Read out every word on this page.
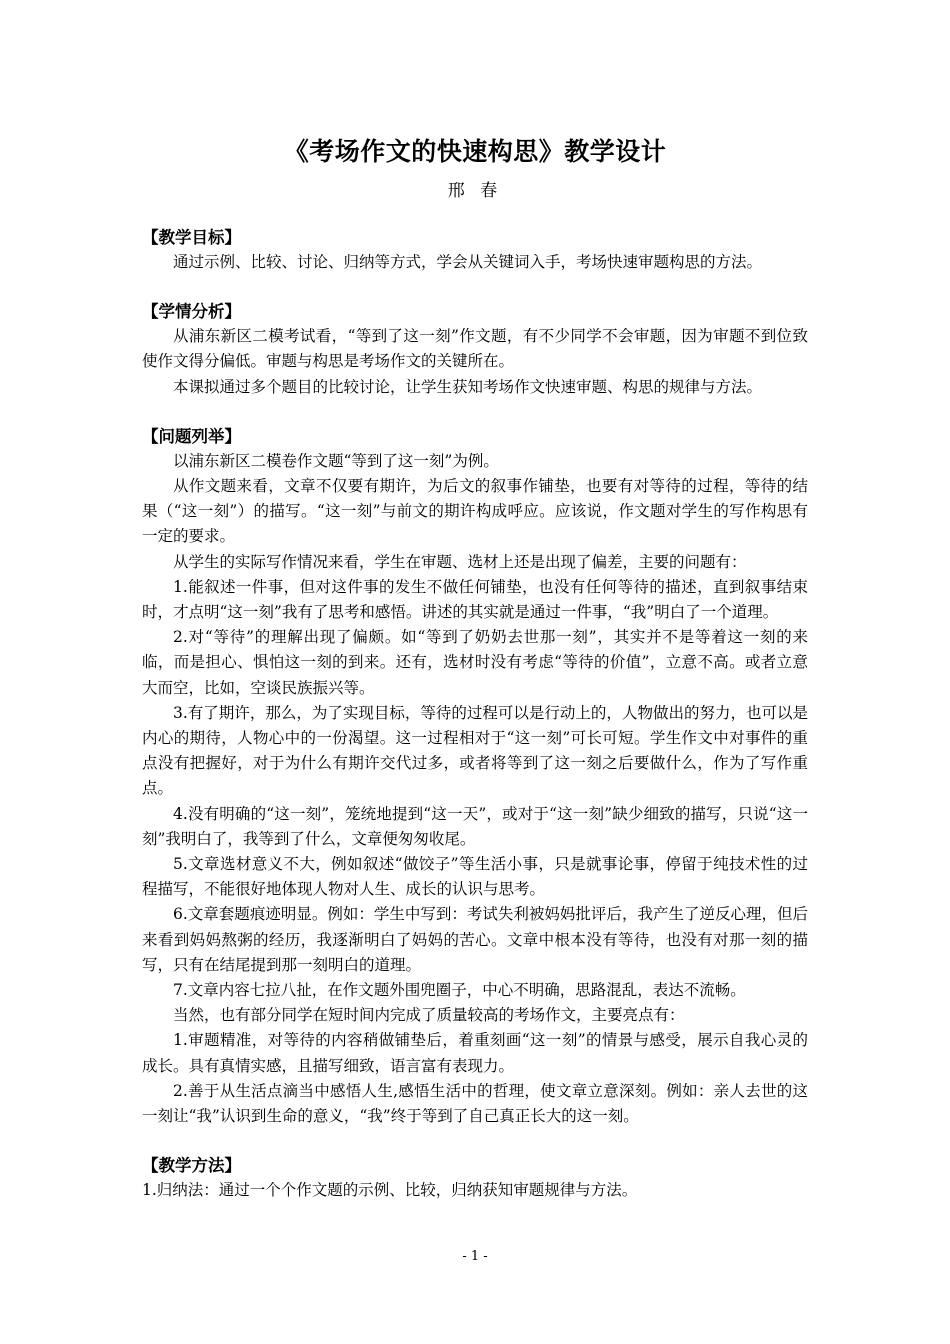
《考场作文的快速构思》教学设计
邢 春

【教学目标】

通过示例、比较、讨论、归纳等方式，学会从关键词入手，考场快速审题构思的方法。

【学情分析】

从浦东新区二模考试看，“等到了这一刻”作文题，有不少同学不会审题，因为审题不到位致使作文得分偏低。审题与构思是考场作文的关键所在。

本课拟通过多个题目的比较讨论，让学生获知考场作文快速审题、构思的规律与方法。

【问题列举】

以浦东新区二模卷作文题“等到了这一刻”为例。

从作文题来看，文章不仅要有期许，为后文的叙事作铺垫，也要有对等待的过程，等待的结果（“这一刻”）的描写。“这一刻”与前文的期许构成呼应。应该说，作文题对学生的写作构思有一定的要求。

从学生的实际写作情况来看，学生在审题、选材上还是出现了偏差，主要的问题有：

1.能叙述一件事，但对这件事的发生不做任何铺垫，也没有任何等待的描述，直到叙事结束时，才点明“这一刻”我有了思考和感悟。讲述的其实就是通过一件事，“我”明白了一个道理。

2.对“等待”的理解出现了偏颇。如“等到了奶奶去世那一刻”，其实并不是等着这一刻的来临，而是担心、惧怕这一刻的到来。还有，选材时没有考虑“等待的价值”，立意不高。或者立意大而空，比如，空谈民族振兴等。

3.有了期许，那么，为了实现目标，等待的过程可以是行动上的，人物做出的努力，也可以是内心的期待，人物心中的一份渴望。这一过程相对于“这一刻”可长可短。学生作文中对事件的重点没有把握好，对于为什么有期许交代过多，或者将等到了这一刻之后要做什么，作为了写作重点。

4.没有明确的“这一刻”，笼统地提到“这一天”，或对于“这一刻”缺少细致的描写，只说“这一刻”我明白了，我等到了什么，文章便匆匆收尾。

5.文章选材意义不大，例如叙述“做饺子”等生活小事，只是就事论事，停留于纯技术性的过程描写，不能很好地体现人物对人生、成长的认识与思考。

6.文章套题痕迹明显。例如：学生中写到：考试失利被妈妈批评后，我产生了逆反心理，但后来看到妈妈熬粥的经历，我逐渐明白了妈妈的苦心。文章中根本没有等待，也没有对那一刻的描写，只有在结尾提到那一刻明白的道理。

7.文章内容七拉八扯，在作文题外围兜圈子，中心不明确，思路混乱，表达不流畅。

当然，也有部分同学在短时间内完成了质量较高的考场作文，主要亮点有：

1.审题精准，对等待的内容稍做铺垫后，着重刻画“这一刻”的情景与感受，展示自我心灵的成长。具有真情实感，且描写细致，语言富有表现力。

2.善于从生活点滴当中感悟人生,感悟生活中的哲理，使文章立意深刻。例如：亲人去世的这一刻让“我”认识到生命的意义，“我”终于等到了自己真正长大的这一刻。

【教学方法】

1.归纳法：通过一个个作文题的示例、比较，归纳获知审题规律与方法。

- 1 -
